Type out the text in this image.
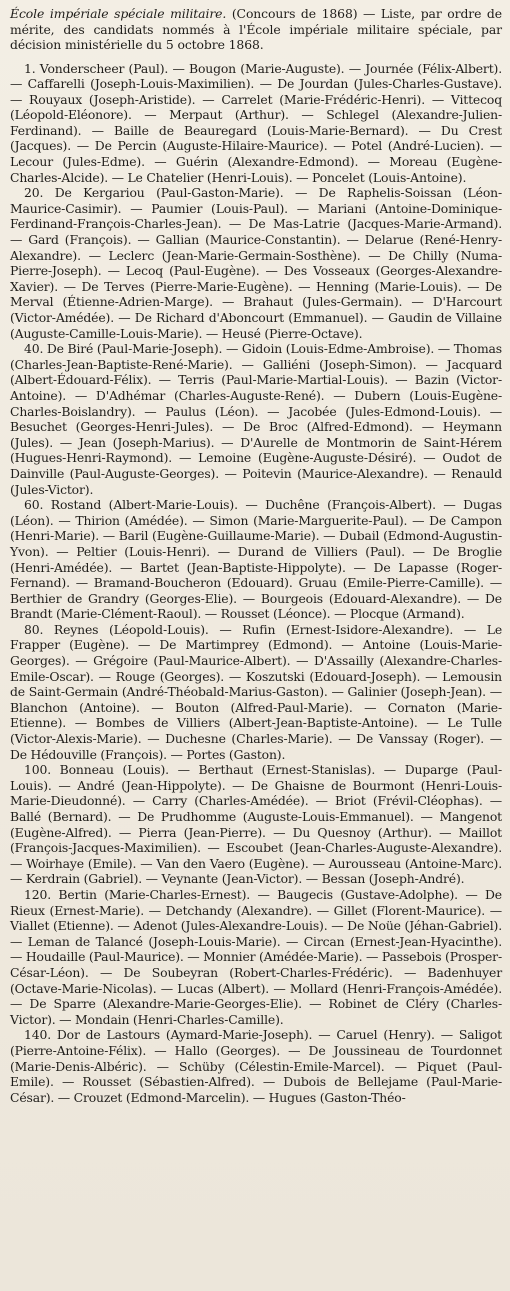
École impériale spéciale militaire. (Concours de 1868) — Liste, par ordre de mérite, des candidats nommés à l'École impériale militaire spéciale, par décision ministérielle du 5 octobre 1868.

1. Vonderscheer (Paul). — Bougon (Marie-Auguste). — Journée (Félix-Albert). — Caffarelli (Joseph-Louis-Maximilien). — De Jourdan (Jules-Charles-Gustave). — Rouyaux (Joseph-Aristide). — Carrelet (Marie-Frédéric-Henri). — Vittecoq (Léopold-Eléonore). — Merpaut (Arthur). — Schlegel (Alexandre-Julien-Ferdinand). — Baille de Beauregard (Louis-Marie-Bernard). — Du Crest (Jacques). — De Percin (Auguste-Hilaire-Maurice). — Potel (André-Lucien). — Lecour (Jules-Edme). — Guérin (Alexandre-Edmond). — Moreau (Eugène-Charles-Alcide). — Le Chatelier (Henri-Louis). — Poncelet (Louis-Antoine).

20. De Kergariou (Paul-Gaston-Marie). — De Raphelis-Soissan (Léon-Maurice-Casimir). — Paumier (Louis-Paul). — Mariani (Antoine-Dominique-Ferdinand-François-Charles-Jean). — De Mas-Latrie (Jacques-Marie-Armand). — Gard (François). — Gallian (Maurice-Constantin). — Delarue (René-Henry-Alexandre). — Leclerc (Jean-Marie-Germain-Sosthène). — De Chilly (Numa-Pierre-Joseph). — Lecoq (Paul-Eugène). — Des Vosseaux (Georges-Alexandre-Xavier). — De Terves (Pierre-Marie-Eugène). — Henning (Marie-Louis). — De Merval (Étienne-Adrien-Marge). — Brahaut (Jules-Germain). — D'Harcourt (Victor-Amédée). — De Richard d'Aboncourt (Emmanuel). — Gaudin de Villaine (Auguste-Camille-Louis-Marie). — Heusé (Pierre-Octave).

40. De Biré (Paul-Marie-Joseph). — Gidoin (Louis-Edme-Ambroise). — Thomas (Charles-Jean-Baptiste-René-Marie). — Galliéni (Joseph-Simon). — Jacquard (Albert-Édouard-Félix). — Terris (Paul-Marie-Martial-Louis). — Bazin (Victor-Antoine). — D'Adhémar (Charles-Auguste-René). — Dubern (Louis-Eugène-Charles-Boislandry). — Paulus (Léon). — Jacobée (Jules-Edmond-Louis). — Besuchet (Georges-Henri-Jules). — De Broc (Alfred-Edmond). — Heymann (Jules). — Jean (Joseph-Marius). — D'Aurelle de Montmorin de Saint-Hérem (Hugues-Henri-Raymond). — Lemoine (Eugène-Auguste-Désiré). — Oudot de Dainville (Paul-Auguste-Georges). — Poitevin (Maurice-Alexandre). — Renauld (Jules-Victor).

60. Rostand (Albert-Marie-Louis). — Duchêne (François-Albert). — Dugas (Léon). — Thirion (Amédée). — Simon (Marie-Marguerite-Paul). — De Campon (Henri-Marie). — Baril (Eugène-Guillaume-Marie). — Dubail (Edmond-Augustin-Yvon). — Peltier (Louis-Henri). — Durand de Villiers (Paul). — De Broglie (Henri-Amédée). — Bartet (Jean-Baptiste-Hippolyte). — De Lapasse (Roger-Fernand). — Bramand-Boucheron (Edouard). Gruau (Emile-Pierre-Camille). — Berthier de Grandry (Georges-Elie). — Bourgeois (Edouard-Alexandre). — De Brandt (Marie-Clément-Raoul). — Rousset (Léonce). — Plocque (Armand).

80. Reynes (Léopold-Louis). — Rufin (Ernest-Isidore-Alexandre). — Le Frapper (Eugène). — De Martimprey (Edmond). — Antoine (Louis-Marie-Georges). — Grégoire (Paul-Maurice-Albert). — D'Assailly (Alexandre-Charles-Emile-Oscar). — Rouge (Georges). — Koszutski (Edouard-Joseph). — Lemousin de Saint-Germain (André-Théobald-Marius-Gaston). — Galinier (Joseph-Jean). — Blanchon (Antoine). — Bouton (Alfred-Paul-Marie). — Cornaton (Marie-Etienne). — Bombes de Villiers (Albert-Jean-Baptiste-Antoine). — Le Tulle (Victor-Alexis-Marie). — Duchesne (Charles-Marie). — De Vanssay (Roger). — De Hédouville (François). — Portes (Gaston).

100. Bonneau (Louis). — Berthaut (Ernest-Stanislas). — Duparge (Paul-Louis). — André (Jean-Hippolyte). — De Ghaisne de Bourmont (Henri-Louis-Marie-Dieudonné). — Carry (Charles-Amédée). — Briot (Frévil-Cléophas). — Ballé (Bernard). — De Prudhomme (Auguste-Louis-Emmanuel). — Mangenot (Eugène-Alfred). — Pierra (Jean-Pierre). — Du Quesnoy (Arthur). — Maillot (François-Jacques-Maximilien). — Escoubet (Jean-Charles-Auguste-Alexandre). — Woirhaye (Emile). — Van den Vaero (Eugène). — Aurousseau (Antoine-Marc). — Kerdrain (Gabriel). — Veynante (Jean-Victor). — Bessan (Joseph-André).

120. Bertin (Marie-Charles-Ernest). — Baugecis (Gustave-Adolphe). — De Rieux (Ernest-Marie). — Detchandy (Alexandre). — Gillet (Florent-Maurice). — Viallet (Etienne). — Adenot (Jules-Alexandre-Louis). — De Noüe (Jéhan-Gabriel). — Leman de Talancé (Joseph-Louis-Marie). — Circan (Ernest-Jean-Hyacinthe). — Houdaille (Paul-Maurice). — Monnier (Amédée-Marie). — Passebois (Prosper-César-Léon). — De Soubeyran (Robert-Charles-Frédéric). — Badenhuyer (Octave-Marie-Nicolas). — Lucas (Albert). — Mollard (Henri-François-Amédée). — De Sparre (Alexandre-Marie-Georges-Elie). — Robinet de Cléry (Charles-Victor). — Mondain (Henri-Charles-Camille).

140. Dor de Lastours (Aymard-Marie-Joseph). — Caruel (Henry). — Saligot (Pierre-Antoine-Félix). — Hallo (Georges). — De Joussineau de Tourdonnet (Marie-Denis-Albéric). — Schüby (Célestin-Emile-Marcel). — Piquet (Paul-Emile). — Rousset (Sébastien-Alfred). — Dubois de Bellejame (Paul-Marie-César). — Crouzet (Edmond-Marcelin). — Hugues (Gaston-Théo-
